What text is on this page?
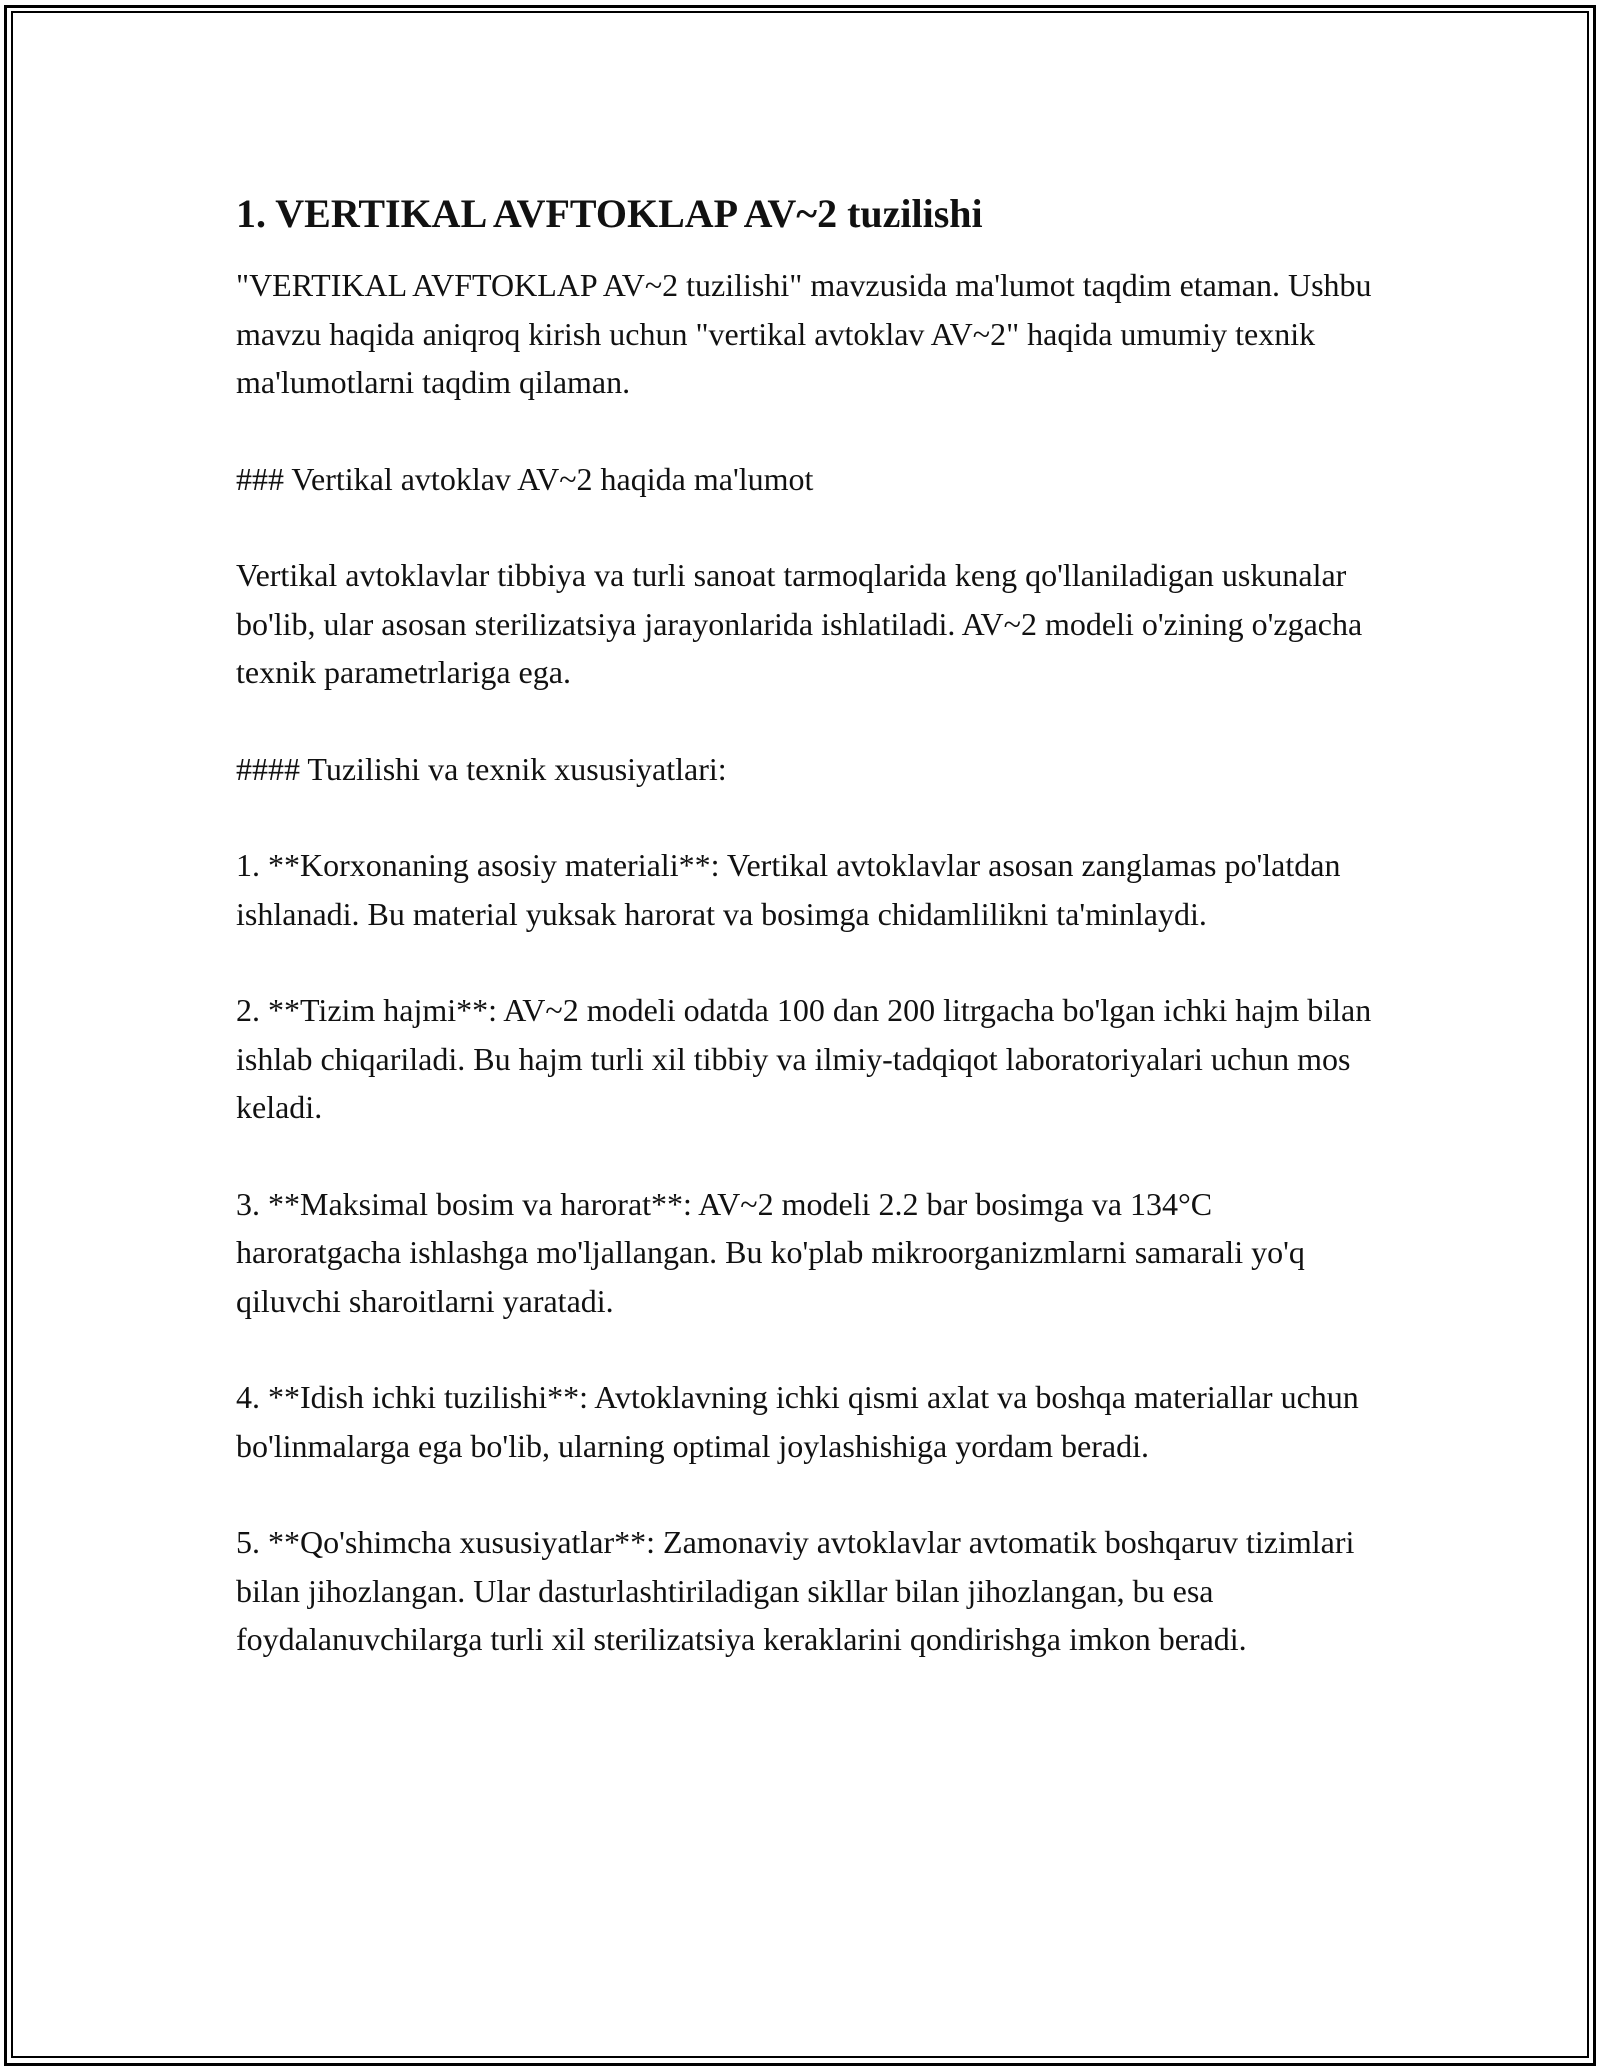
1. VERTIKAL AVFTOKLAP AV~2 tuzilishi

"VERTIKAL AVFTOKLAP AV~2 tuzilishi" mavzusida ma'lumot taqdim etaman. Ushbu mavzu haqida aniqroq kirish uchun "vertikal avtoklav AV~2" haqida umumiy texnik ma'lumotlarni taqdim qilaman.

### Vertikal avtoklav AV~2 haqida ma'lumot

Vertikal avtoklavlar tibbiya va turli sanoat tarmoqlarida keng qo'llaniladigan uskunalar bo'lib, ular asosan sterilizatsiya jarayonlarida ishlatiladi. AV~2 modeli o'zining o'zgacha texnik parametrlariga ega.

#### Tuzilishi va texnik xususiyatlari:

1. **Korxonaning asosiy materiali**: Vertikal avtoklavlar asosan zanglamas po'latdan ishlanadi. Bu material yuksak harorat va bosimga chidamlilikni ta'minlaydi.

2. **Tizim hajmi**: AV~2 modeli odatda 100 dan 200 litrgacha bo'lgan ichki hajm bilan ishlab chiqariladi. Bu hajm turli xil tibbiy va ilmiy-tadqiqot laboratoriyalari uchun mos keladi.

3. **Maksimal bosim va harorat**: AV~2 modeli 2.2 bar bosimga va 134°C haroratgacha ishlashga mo'ljallangan. Bu ko'plab mikroorganizmlarni samarali yo'q qiluvchi sharoitlarni yaratadi.

4. **Idish ichki tuzilishi**: Avtoklavning ichki qismi axlat va boshqa materiallar uchun bo'linmalarga ega bo'lib, ularning optimal joylashishiga yordam beradi.

5. **Qo'shimcha xususiyatlar**: Zamonaviy avtoklavlar avtomatik boshqaruv tizimlari bilan jihozlangan. Ular dasturlashtiriladigan sikllar bilan jihozlangan, bu esa foydalanuvchilarga turli xil sterilizatsiya keraklarini qondirishga imkon beradi.
